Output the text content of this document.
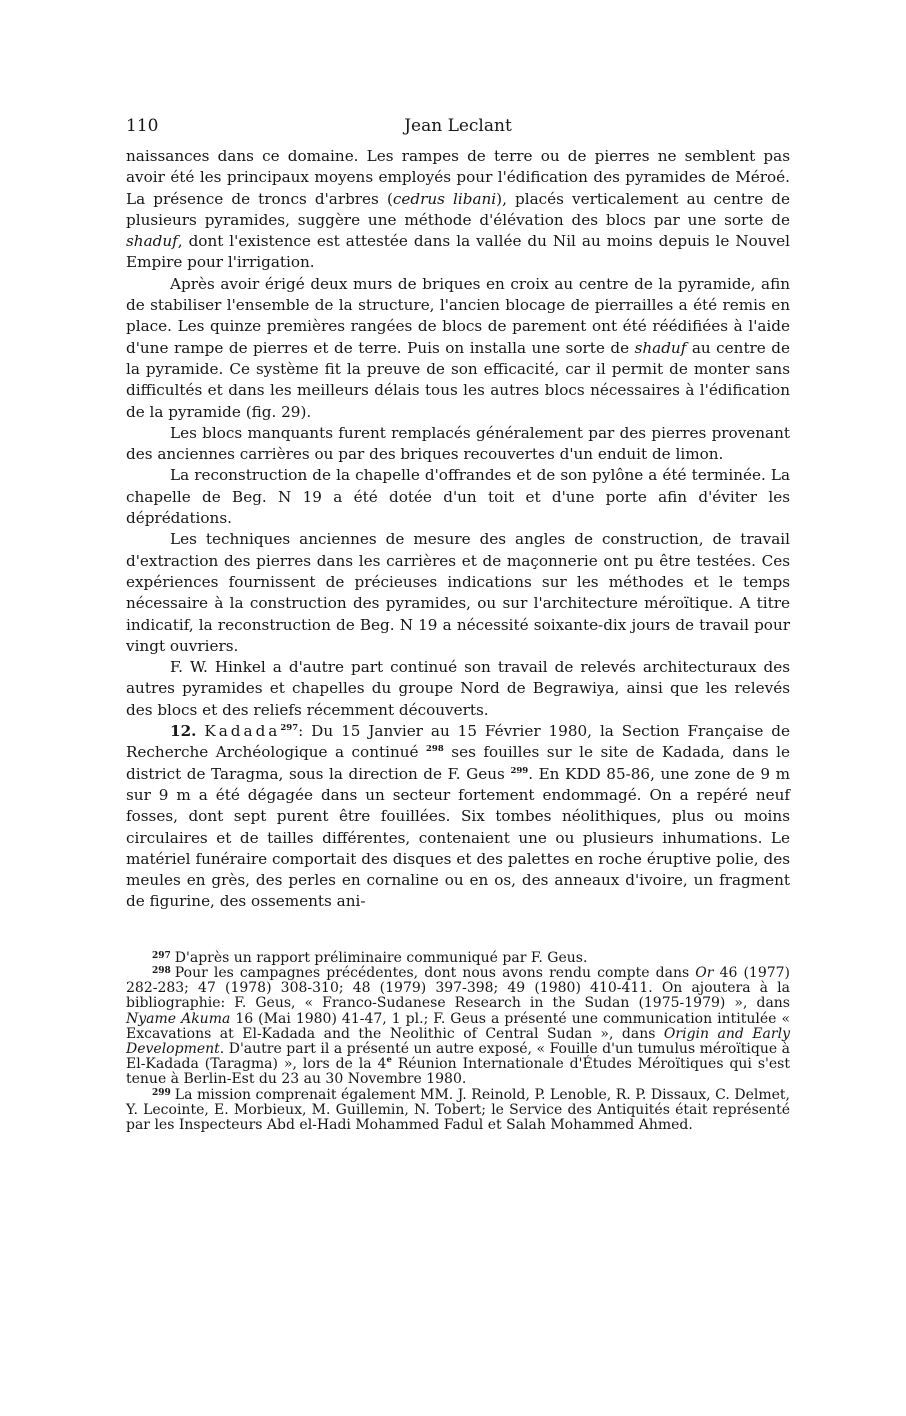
110	Jean Leclant

naissances dans ce domaine. Les rampes de terre ou de pierres ne semblent pas avoir été les principaux moyens employés pour l'édification des pyramides de Méroé. La présence de troncs d'arbres (cedrus libani), placés verticalement au centre de plusieurs pyramides, suggère une méthode d'élévation des blocs par une sorte de shaduf, dont l'existence est attestée dans la vallée du Nil au moins depuis le Nouvel Empire pour l'irrigation.

Après avoir érigé deux murs de briques en croix au centre de la pyramide, afin de stabiliser l'ensemble de la structure, l'ancien blocage de pierrailles a été remis en place. Les quinze premières rangées de blocs de parement ont été réédifiées à l'aide d'une rampe de pierres et de terre. Puis on installa une sorte de shaduf au centre de la pyramide. Ce système fit la preuve de son efficacité, car il permit de monter sans difficultés et dans les meilleurs délais tous les autres blocs nécessaires à l'édification de la pyramide (fig. 29).

Les blocs manquants furent remplacés généralement par des pierres provenant des anciennes carrières ou par des briques recouvertes d'un enduit de limon.

La reconstruction de la chapelle d'offrandes et de son pylône a été terminée. La chapelle de Beg. N 19 a été dotée d'un toit et d'une porte afin d'éviter les déprédations.

Les techniques anciennes de mesure des angles de construction, de travail d'extraction des pierres dans les carrières et de maçonnerie ont pu être testées. Ces expériences fournissent de précieuses indications sur les méthodes et le temps nécessaire à la construction des pyramides, ou sur l'architecture méroïtique. A titre indicatif, la reconstruction de Beg. N 19 a nécessité soixante-dix jours de travail pour vingt ouvriers.

F. W. Hinkel a d'autre part continué son travail de relevés architecturaux des autres pyramides et chapelles du groupe Nord de Begrawiya, ainsi que les relevés des blocs et des reliefs récemment découverts.

12. Kadada$^{297}$: Du 15 Janvier au 15 Février 1980, la Section Française de Recherche Archéologique a continué $^{298}$ ses fouilles sur le site de Kadada, dans le district de Taragma, sous la direction de F. Geus $^{299}$. En KDD 85-86, une zone de 9 m sur 9 m a été dégagée dans un secteur fortement endommagé. On a repéré neuf fosses, dont sept purent être fouillées. Six tombes néolithiques, plus ou moins circulaires et de tailles différentes, contenaient une ou plusieurs inhumations. Le matériel funéraire comportait des disques et des palettes en roche éruptive polie, des meules en grès, des perles en cornaline ou en os, des anneaux d'ivoire, un fragment de figurine, des ossements ani-

$^{297}$ D'après un rapport préliminaire communiqué par F. Geus.

$^{298}$ Pour les campagnes précédentes, dont nous avons rendu compte dans Or 46 (1977) 282-283; 47 (1978) 308-310; 48 (1979) 397-398; 49 (1980) 410-411. On ajoutera à la bibliographie: F. Geus, « Franco-Sudanese Research in the Sudan (1975-1979) », dans Nyame Akuma 16 (Mai 1980) 41-47, 1 pl.; F. Geus a présenté une communication intitulée « Excavations at El-Kadada and the Neolithic of Central Sudan », dans Origin and Early Development. D'autre part il a présenté un autre exposé, « Fouille d'un tumulus méroïtique à El-Kadada (Taragma) », lors de la 4e Réunion Internationale d'Études Méroïtiques qui s'est tenue à Berlin-Est du 23 au 30 Novembre 1980.

$^{299}$ La mission comprenait également MM. J. Reinold, P. Lenoble, R. P. Dissaux, C. Delmet, Y. Lecointe, E. Morbieux, M. Guillemin, N. Tobert; le Service des Antiquités était représenté par les Inspecteurs Abd el-Hadi Mohammed Fadul et Salah Mohammed Ahmed.
